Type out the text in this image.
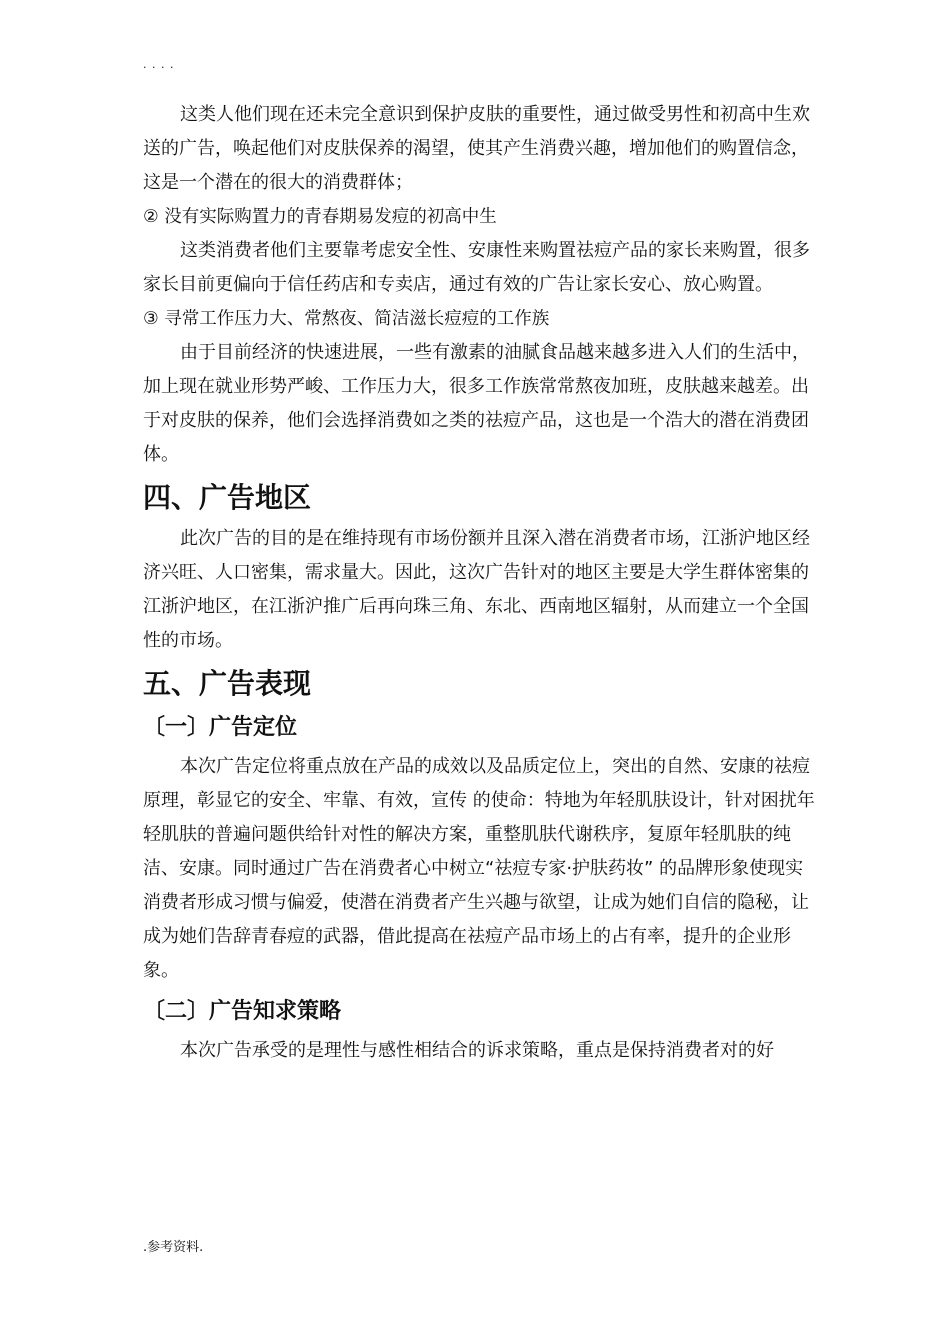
. . . .

这类人他们现在还未完全意识到保护皮肤的重要性，通过做受男性和初高中生欢送的广告，唤起他们对皮肤保养的渴望，使其产生消费兴趣，增加他们的购置信念，这是一个潜在的很大的消费群体；

② 没有实际购置力的青春期易发痘的初高中生

这类消费者他们主要靠考虑安全性、安康性来购置祛痘产品的家长来购置，很多家长目前更偏向于信任药店和专卖店，通过有效的广告让家长安心、放心购置。

③ 寻常工作压力大、常熬夜、简洁滋长痘痘的工作族

由于目前经济的快速进展，一些有激素的油腻食品越来越多进入人们的生活中，加上现在就业形势严峻、工作压力大，很多工作族常常熬夜加班，皮肤越来越差。出于对皮肤的保养，他们会选择消费如之类的祛痘产品，这也是一个浩大的潜在消费团体。

四、广告地区

此次广告的目的是在维持现有市场份额并且深入潜在消费者市场，江浙沪地区经济兴旺、人口密集，需求量大。因此，这次广告针对的地区主要是大学生群体密集的江浙沪地区，在江浙沪推广后再向珠三角、东北、西南地区辐射，从而建立一个全国性的市场。

五、广告表现
〔一〕广告定位

本次广告定位将重点放在产品的成效以及品质定位上，突出的自然、安康的祛痘原理，彰显它的安全、牢靠、有效，宣传 的使命：特地为年轻肌肤设计，针对困扰年轻肌肤的普遍问题供给针对性的解决方案，重整肌肤代谢秩序，复原年轻肌肤的纯洁、安康。同时通过广告在消费者心中树立“祛痘专家·护肤药妆” 的品牌形象使现实消费者形成习惯与偏爱，使潜在消费者产生兴趣与欲望，让成为她们自信的隐秘，让成为她们告辞青春痘的武器，借此提高在祛痘产品市场上的占有率，提升的企业形象。

〔二〕广告知求策略

本次广告承受的是理性与感性相结合的诉求策略，重点是保持消费者对的好

.参考资料.
